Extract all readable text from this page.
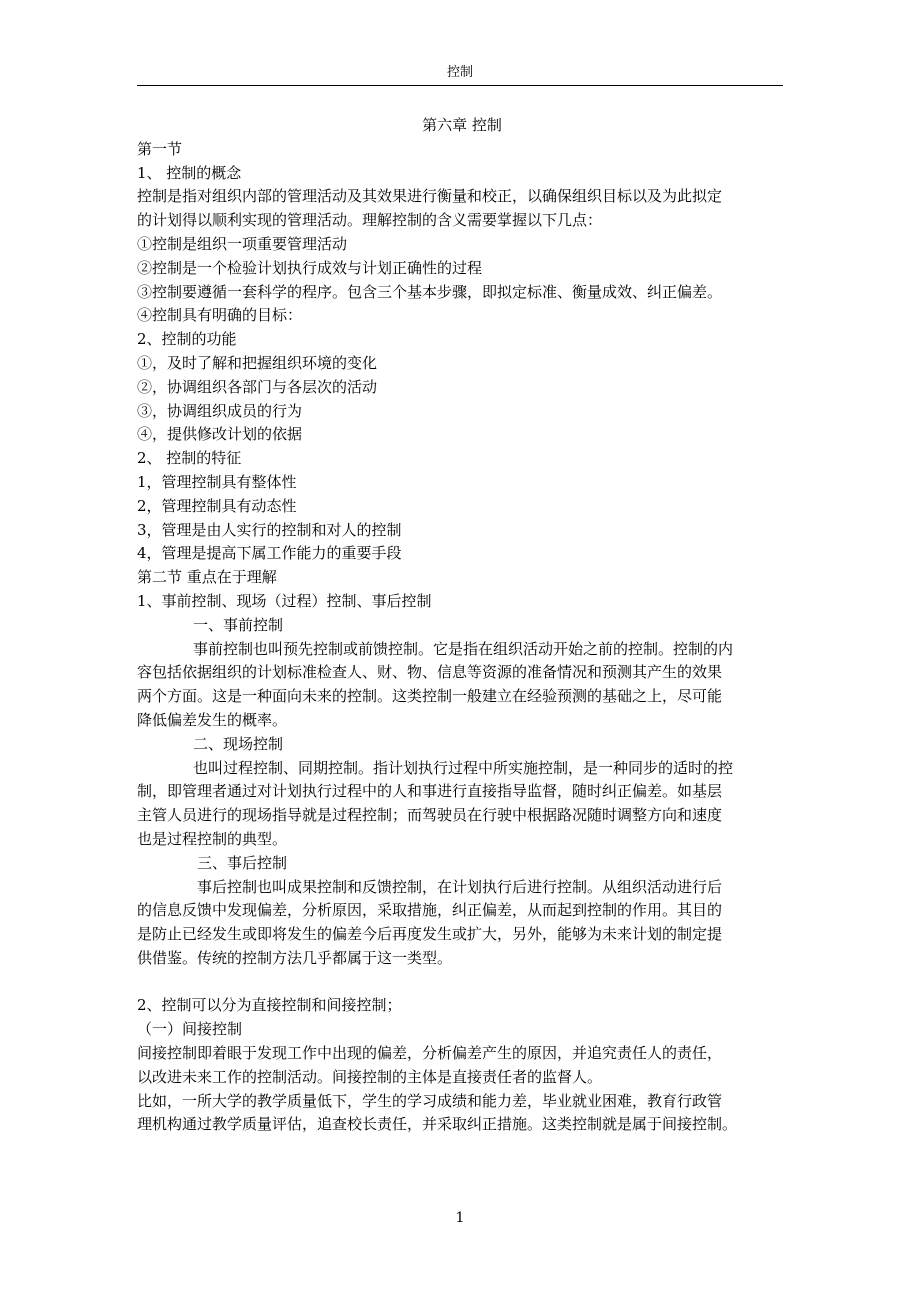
控制

第六章 控制

第一节

1、 控制的概念

控制是指对组织内部的管理活动及其效果进行衡量和校正，以确保组织目标以及为此拟定

的计划得以顺利实现的管理活动。理解控制的含义需要掌握以下几点：

①控制是组织一项重要管理活动

②控制是一个检验计划执行成效与计划正确性的过程

③控制要遵循一套科学的程序。包含三个基本步骤，即拟定标准、衡量成效、纠正偏差。

④控制具有明确的目标：

2、控制的功能

①，及时了解和把握组织环境的变化

②，协调组织各部门与各层次的活动

③，协调组织成员的行为

④，提供修改计划的依据

2、 控制的特征

1，管理控制具有整体性

2，管理控制具有动态性

3，管理是由人实行的控制和对人的控制

4，管理是提高下属工作能力的重要手段

第二节 重点在于理解

1、事前控制、现场（过程）控制、事后控制

一、事前控制

事前控制也叫预先控制或前馈控制。它是指在组织活动开始之前的控制。控制的内

容包括依据组织的计划标准检查人、财、物、信息等资源的准备情况和预测其产生的效果

两个方面。这是一种面向未来的控制。这类控制一般建立在经验预测的基础之上，尽可能

降低偏差发生的概率。

二、现场控制

也叫过程控制、同期控制。指计划执行过程中所实施控制，是一种同步的适时的控

制，即管理者通过对计划执行过程中的人和事进行直接指导监督，随时纠正偏差。如基层

主管人员进行的现场指导就是过程控制；而驾驶员在行驶中根据路况随时调整方向和速度

也是过程控制的典型。

三、事后控制

事后控制也叫成果控制和反馈控制，在计划执行后进行控制。从组织活动进行后

的信息反馈中发现偏差，分析原因，采取措施，纠正偏差，从而起到控制的作用。其目的

是防止已经发生或即将发生的偏差今后再度发生或扩大，另外，能够为未来计划的制定提

供借鉴。传统的控制方法几乎都属于这一类型。

2、控制可以分为直接控制和间接控制；

（一）间接控制

间接控制即着眼于发现工作中出现的偏差，分析偏差产生的原因，并追究责任人的责任，

以改进未来工作的控制活动。间接控制的主体是直接责任者的监督人。

比如，一所大学的教学质量低下，学生的学习成绩和能力差，毕业就业困难，教育行政管

理机构通过教学质量评估，追查校长责任，并采取纠正措施。这类控制就是属于间接控制。

1
